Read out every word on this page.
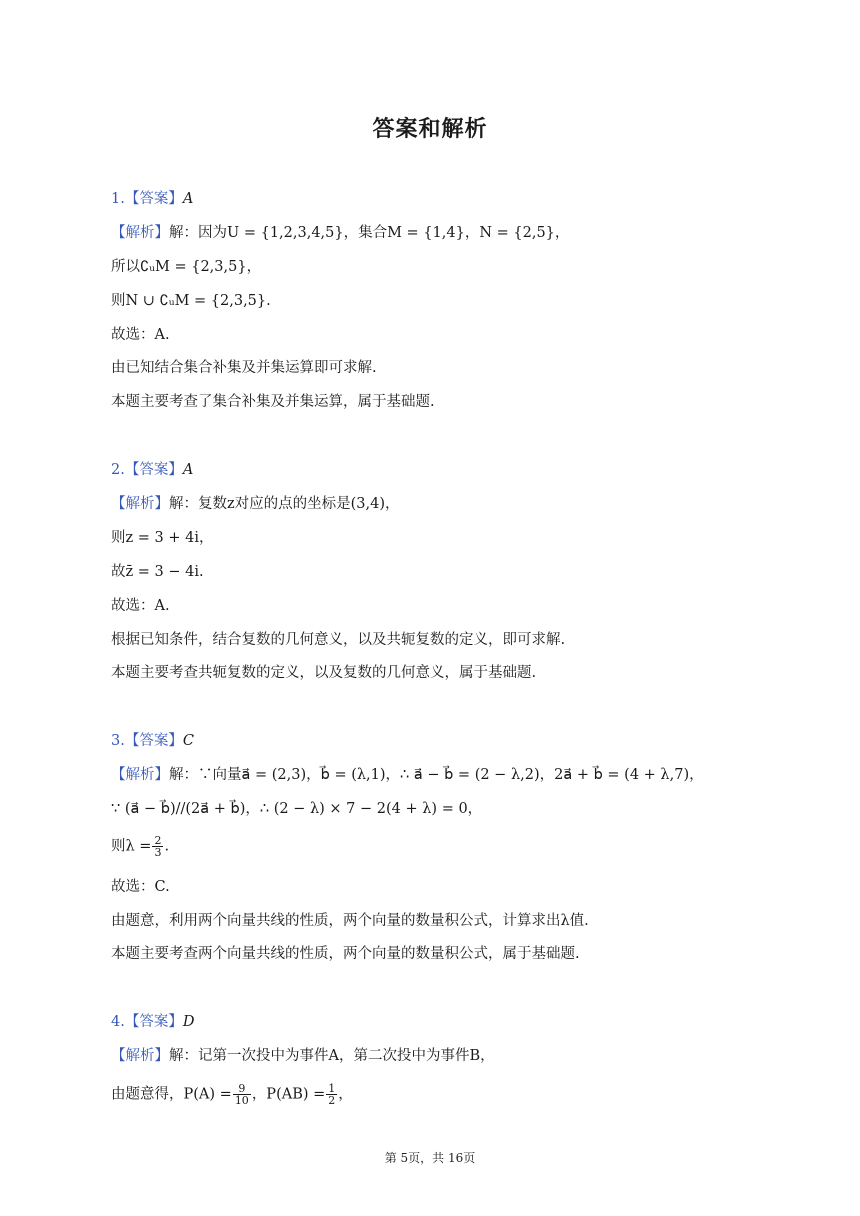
答案和解析
1.【答案】A
【解析】解：因为U = {1,2,3,4,5}，集合M = {1,4}，N = {2,5}，
所以∁ᵤM = {2,3,5}，
则N ∪ ∁ᵤM = {2,3,5}.
故选：A.
由已知结合集合补集及并集运算即可求解.
本题主要考查了集合补集及并集运算，属于基础题.
2.【答案】A
【解析】解：复数z对应的点的坐标是(3,4)，
则z = 3 + 4i，
故z̄ = 3 − 4i.
故选：A.
根据已知条件，结合复数的几何意义，以及共轭复数的定义，即可求解.
本题主要考查共轭复数的定义，以及复数的几何意义，属于基础题.
3.【答案】C
【解析】解：∵向量a⃗ = (2,3)，b⃗ = (λ,1)，∴ a⃗ − b⃗ = (2 − λ,2)，2a⃗ + b⃗ = (4 + λ,7)，
∵ (a⃗ − b⃗)//(2a⃗ + b⃗)，∴ (2 − λ) × 7 − 2(4 + λ) = 0，
则$\lambda = \frac{2}{3}$ .
故选：C.
由题意，利用两个向量共线的性质，两个向量的数量积公式，计算求出λ值.
本题主要考查两个向量共线的性质，两个向量的数量积公式，属于基础题.
4.【答案】D
【解析】解：记第一次投中为事件A，第二次投中为事件B，
由题意得，$P(A) = \frac{9}{10}$ ，$P(AB) = \frac{1}{2}$ ，
第 5页，共 16页
